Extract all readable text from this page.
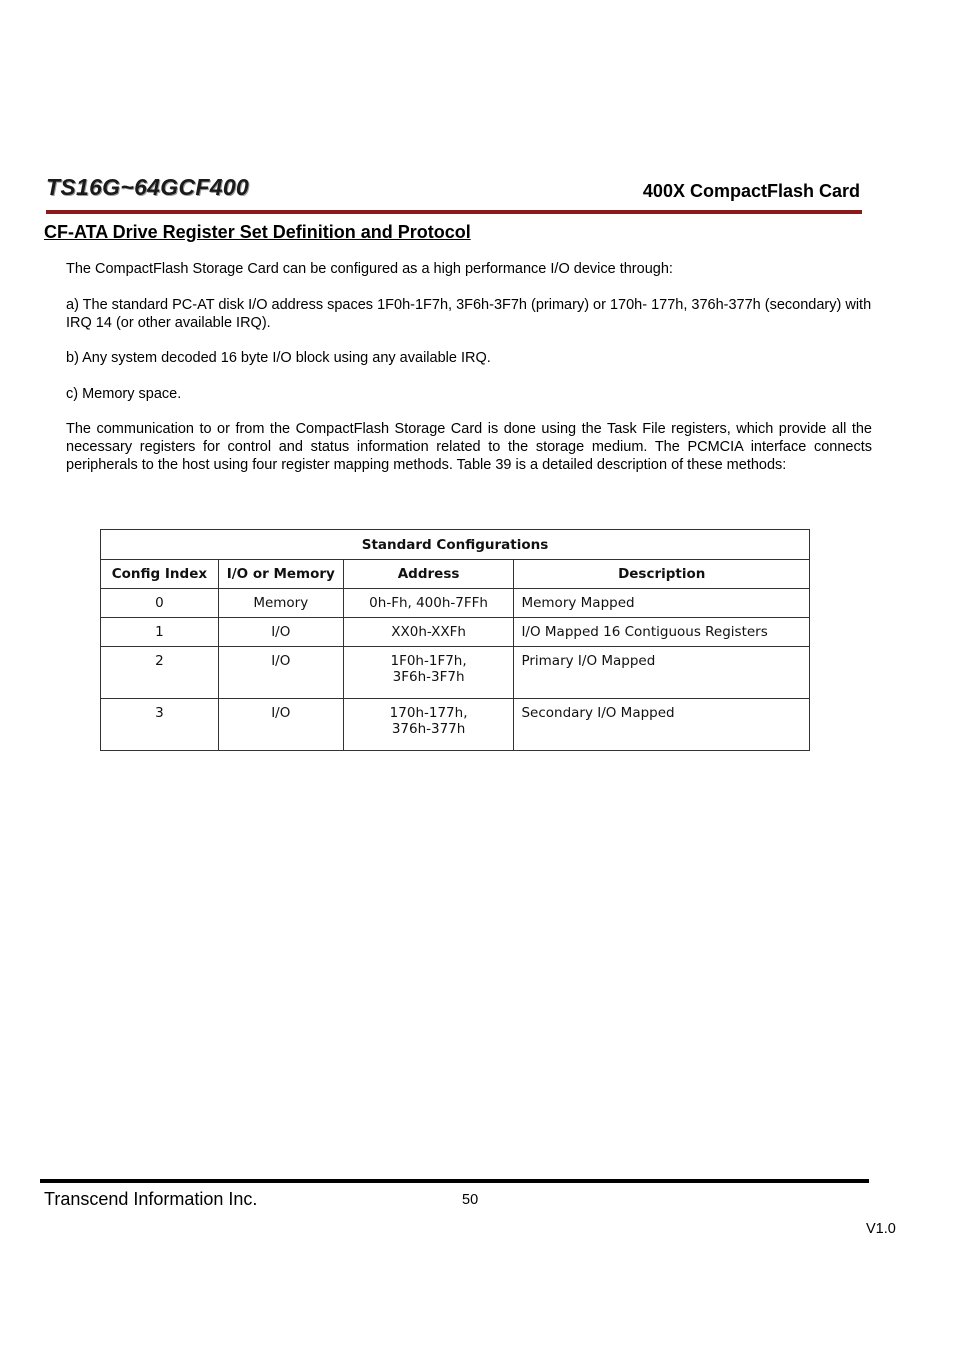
TS16G~64GCF400	400X CompactFlash Card
CF-ATA Drive Register Set Definition and Protocol
The CompactFlash Storage Card can be configured as a high performance I/O device through:
a) The standard PC-AT disk I/O address spaces 1F0h-1F7h, 3F6h-3F7h (primary) or 170h- 177h, 376h-377h (secondary) with IRQ 14 (or other available IRQ).
b) Any system decoded 16 byte I/O block using any available IRQ.
c) Memory space.
The communication to or from the CompactFlash Storage Card is done using the Task File registers, which provide all the necessary registers for control and status information related to the storage medium. The PCMCIA interface connects peripherals to the host using four register mapping methods. Table 39 is a detailed description of these methods:
Standard Configurations			
Config Index	I/O or Memory	Address	Description
0	Memory	0h-Fh, 400h-7FFh	Memory Mapped
1	I/O	XX0h-XXFh	I/O Mapped 16 Contiguous Registers
2	I/O	1F0h-1F7h,
3F6h-3F7h	Primary I/O Mapped
3	I/O	170h-177h,
376h-377h	Secondary I/O Mapped
Transcend Information Inc.	50
V1.0
